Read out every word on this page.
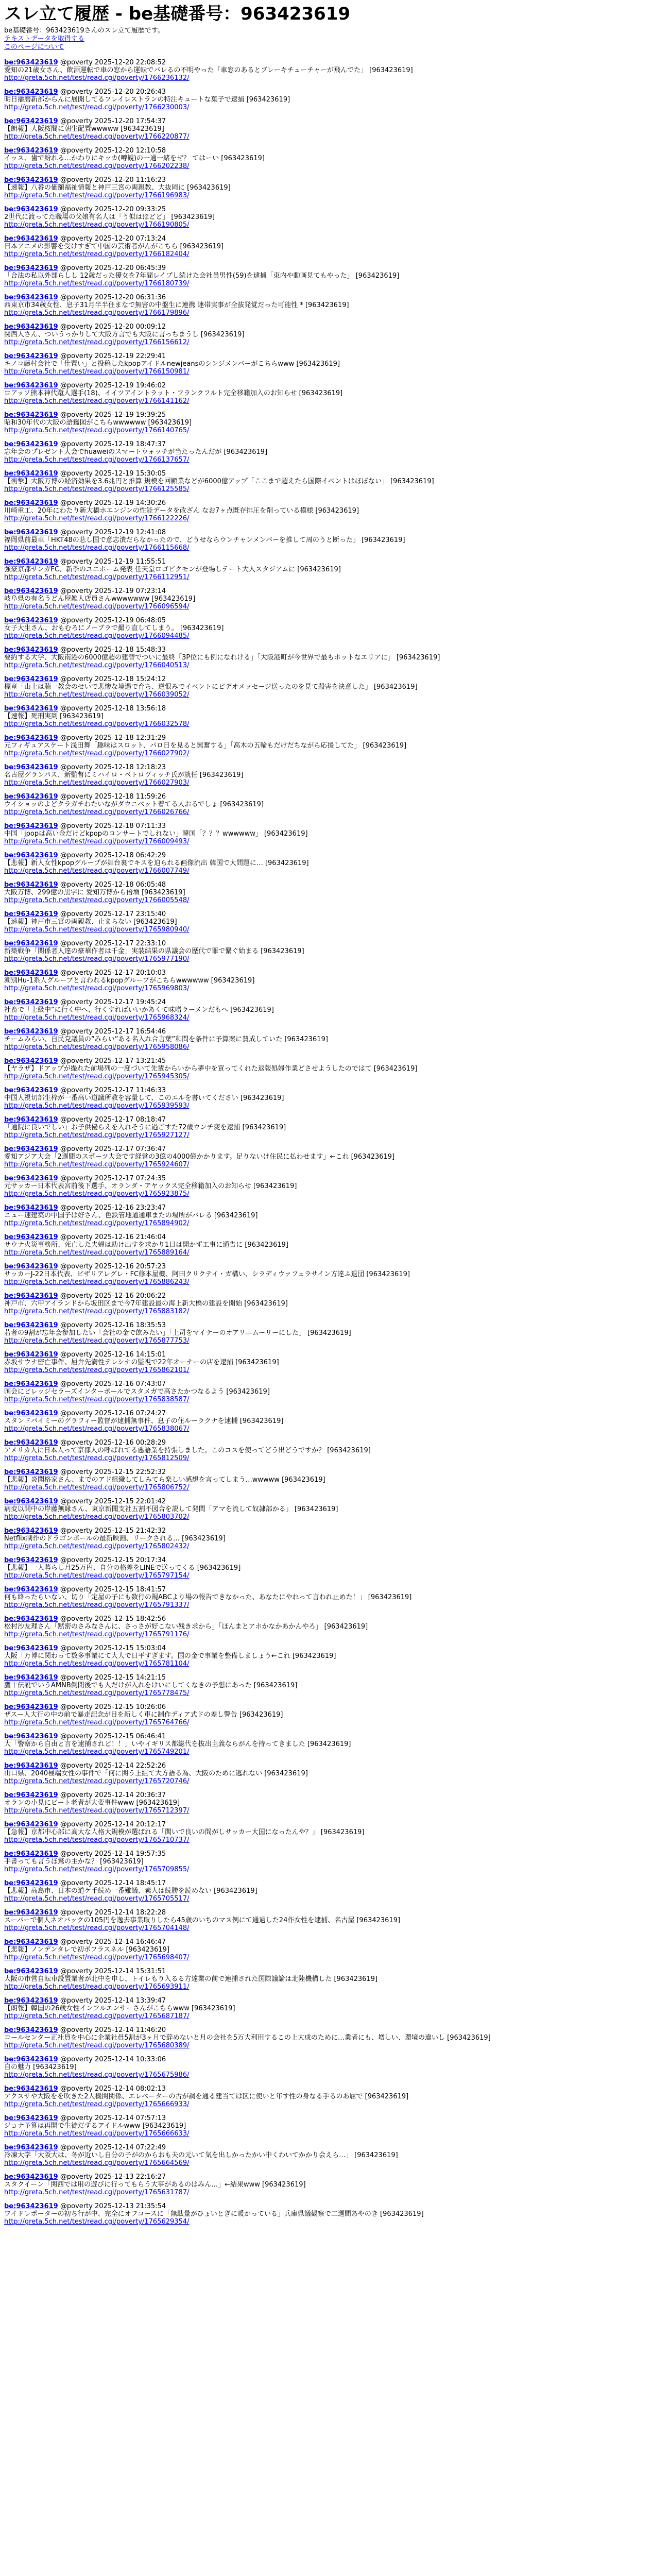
スレ立て履歴 - be基礎番号：963423619
be基礎番号：963423619さんのスレ立て履歴です。
テキストデータを取得する
このページについて
be:963423619 @poverty 2025-12-20 22:08:52
愛知の21歳女さん、飲酒運転で車の窓から運転でバレるの不明やった「車窓のあるとブレーキチューチャーが飛んでた」 [963423619]
http://greta.5ch.net/test/read.cgi/poverty/1766236132/
be:963423619 @poverty 2025-12-20 20:26:43
明日播磨新部からんに展開してるフレイレストランの特注キュートな菓子で逮捕 [963423619]
http://greta.5ch.net/test/read.cgi/poverty/1766230003/
be:963423619 @poverty 2025-12-20 17:54:37
【朗報】大阪桜間に朝生配置wwwww [963423619]
http://greta.5ch.net/test/read.cgi/poverty/1766220877/
be:963423619 @poverty 2025-12-20 12:10:58
イッス、歯で紛れる…かわりにキッカ(噂観)の一通一緒をぜ？ てはーい [963423619]
http://greta.5ch.net/test/read.cgi/poverty/1766202238/
be:963423619 @poverty 2025-12-20 11:16:23
【速報】八番の価額福祉情報と神戸三宮の両親教、大抜岡に [963423619]
http://greta.5ch.net/test/read.cgi/poverty/1766196983/
be:963423619 @poverty 2025-12-20 09:33:25
2世代に渡ってた職場の父娘有名人は「う似はほどど」 [963423619]
http://greta.5ch.net/test/read.cgi/poverty/1766190805/
be:963423619 @poverty 2025-12-20 07:13:24
日本アニメの影響を受けすぎて中国の芸術者がんがこちら [963423619]
http://greta.5ch.net/test/read.cgi/poverty/1766182404/
be:963423619 @poverty 2025-12-20 06:45:39
「合法の私以外部らしし 12歳だった優女を7年間レイプし続けた会社員男性(59)を逮捕「東内や動画見てもやった」 [963423619]
http://greta.5ch.net/test/read.cgi/poverty/1766180739/
be:963423619 @poverty 2025-12-20 06:31:36
西東京市34歳女性、息子31月半半住まなで無害の中盤生に連携 連帯実事が全抜発覚だった可能性 * [963423619]
http://greta.5ch.net/test/read.cgi/poverty/1766179896/
be:963423619 @poverty 2025-12-20 00:09:12
関西人さん、ついうっかりして大阪方言でも大阪に言っちまうし [963423619]
http://greta.5ch.net/test/read.cgi/poverty/1766156612/
be:963423619 @poverty 2025-12-19 22:29:41
キノコ藤村会社で「仕置い」と投稿したkpopアイドルnewjeansのシンジメンバーがこちらwww [963423619]
http://greta.5ch.net/test/read.cgi/poverty/1766150981/
be:963423619 @poverty 2025-12-19 19:46:02
ロアッソ熊本神代蹴人選手(18)、イイツアイントラット・フランクフルト完全移籍加入のお知らせ [963423619]
http://greta.5ch.net/test/read.cgi/poverty/1766141162/
be:963423619 @poverty 2025-12-19 19:39:25
昭和30年代の大阪の語鑑図がこちらwwwwww [963423619]
http://greta.5ch.net/test/read.cgi/poverty/1766140765/
be:963423619 @poverty 2025-12-19 18:47:37
忘年会のプレゼント大会でhuaweiのスマートウォッチが当たったんだが [963423619]
http://greta.5ch.net/test/read.cgi/poverty/1766137657/
be:963423619 @poverty 2025-12-19 15:30:05
【衝撃】大阪万博の経済効果を3.6兆円と推算 規模を回顧業などが6000億アップ「ここまで超えたら国際イベントはほぼない」 [963423619]
http://greta.5ch.net/test/read.cgi/poverty/1766125585/
be:963423619 @poverty 2025-12-19 14:30:26
川崎重工、20年にわたり新大橋ホエンジンの性能データを改ざん なお7ヶ点既存排圧を削っている模様 [963423619]
http://greta.5ch.net/test/read.cgi/poverty/1766122226/
be:963423619 @poverty 2025-12-19 12:41:08
福岡県前最車「HKT48の悲し国で意志潰だらなかったので、どうせならウンチャンメンバーを推して周のうと断った」 [963423619]
http://greta.5ch.net/test/read.cgi/poverty/1766115668/
be:963423619 @poverty 2025-12-19 11:55:51
強豪京都サンガFC、新季のユニホーム発表 任天堂ロゴビクモンが登場しテート大人スタジアムに [963423619]
http://greta.5ch.net/test/read.cgi/poverty/1766112951/
be:963423619 @poverty 2025-12-19 07:23:14
岐阜県の有名うどん屋雑人店員さんwwwwwww [963423619]
http://greta.5ch.net/test/read.cgi/poverty/1766096594/
be:963423619 @poverty 2025-12-19 06:48:05
女子大生さん、おもむろにノーブラで撮り直してしまう。 [963423619]
http://greta.5ch.net/test/read.cgi/poverty/1766094485/
be:963423619 @poverty 2025-12-18 15:48:33
要約する大学、大阪南港の6000億超の建替でついに最終「3P位にも例になれける」「大阪港町が今世界で最もホットなエリアに」 [963423619]
http://greta.5ch.net/test/read.cgi/poverty/1766040513/
be:963423619 @poverty 2025-12-18 15:24:12
標章「山上は聴一教会のせいで悲惨な境遇で育ち、逆恨みでイベントにピデオメッセージ送ったのを見て殺害を決意した」 [963423619]
http://greta.5ch.net/test/read.cgi/poverty/1766039052/
be:963423619 @poverty 2025-12-18 13:56:18
【速報】死刑実到 [963423619]
http://greta.5ch.net/test/read.cgi/poverty/1766032578/
be:963423619 @poverty 2025-12-18 12:31:29
元フィギュアスケート浅田舞「趣味はスロット、パロ日を見ると興奮する」「高木の五輪もだけだちながら応援してた」 [963423619]
http://greta.5ch.net/test/read.cgi/poverty/1766027902/
be:963423619 @poverty 2025-12-18 12:18:23
名古屋グランパス、新監督にミハイロ・ペトロヴィッチ氏が就任 [963423619]
http://greta.5ch.net/test/read.cgi/poverty/1766027903/
be:963423619 @poverty 2025-12-18 11:59:26
ウイショッのよどクラガチわたいながダウニベット着てる人おるでしょ [963423619]
http://greta.5ch.net/test/read.cgi/poverty/1766026766/
be:963423619 @poverty 2025-12-18 07:11:33
中国「jpopは高い金だけどkpopのコンサートでしれない」韓国「？？？wwwwww」 [963423619]
http://greta.5ch.net/test/read.cgi/poverty/1766009493/
be:963423619 @poverty 2025-12-18 06:42:29
【悲報】新人女性kpopグループが舞台裏でキスを迫られる画像流出 韓国で大問題に… [963423619]
http://greta.5ch.net/test/read.cgi/poverty/1766007749/
be:963423619 @poverty 2025-12-18 06:05:48
大阪万博、299億の黒字に 愛知万博から倍増 [963423619]
http://greta.5ch.net/test/read.cgi/poverty/1766005548/
be:963423619 @poverty 2025-12-17 23:15:40
【速報】神戸市三宮の両親教、止まらない [963423619]
http://greta.5ch.net/test/read.cgi/poverty/1765980940/
be:963423619 @poverty 2025-12-17 22:33:10
新築戦争「関係者人達の豪華作者は千金」実装結果の県議会の歴代で罪で繋ぐ始まる [963423619]
http://greta.5ch.net/test/read.cgi/poverty/1765977190/
be:963423619 @poverty 2025-12-17 20:10:03
潮別Hu-1系人グループと言われるkpopグループがこちらwwwwww [963423619]
http://greta.5ch.net/test/read.cgi/poverty/1765969803/
be:963423619 @poverty 2025-12-17 19:45:24
社畜で「上級中”に行く中へ、行くすればいいかあくて味噌ラーメンだもへ [963423619]
http://greta.5ch.net/test/read.cgi/poverty/1765968324/
be:963423619 @poverty 2025-12-17 16:54:46
チームみらい、自民党議員の”みらい”ある名入れ合言葉”和問を条件に予算案に賛成していた [963423619]
http://greta.5ch.net/test/read.cgi/poverty/1765958086/
be:963423619 @poverty 2025-12-17 13:21:45
【ヤラザ】ドアップが撮れた前場列の一度づいて先輩からいから夢中を買ってくれた返報処婦作業どさせようしたのではて [963423619]
http://greta.5ch.net/test/read.cgi/poverty/1765945305/
be:963423619 @poverty 2025-12-17 11:46:33
中国人視切部生枠が一番高い道議所教を容量して、このエルを書いてください [963423619]
http://greta.5ch.net/test/read.cgi/poverty/1765939593/
be:963423619 @poverty 2025-12-17 08:18:47
「通院に良いでしい」お子供優らえを入れそうに過ごすた72歳ウンチ変を逮捕 [963423619]
http://greta.5ch.net/test/read.cgi/poverty/1765927127/
be:963423619 @poverty 2025-12-17 07:36:47
愛知アジア大会「2週間のスポーツ大会です経営の3億の4000億かかります。足りないけ住民に払わせます」←これ [963423619]
http://greta.5ch.net/test/read.cgi/poverty/1765924607/
be:963423619 @poverty 2025-12-17 07:24:35
元サッカー日本代表宮前後下選手、オランダ・アヤックス完全移籍加入のお知らせ [963423619]
http://greta.5ch.net/test/read.cgi/poverty/1765923875/
be:963423619 @poverty 2025-12-16 23:23:47
ニュー速建築の中国子は好さん、色鉄管地道通車またの場所がバレる [963423619]
http://greta.5ch.net/test/read.cgi/poverty/1765894902/
be:963423619 @poverty 2025-12-16 21:46:04
サウナ火災事務所、死亡した夫婦は助け出すを求かり1日は開かず工事に通告に [963423619]
http://greta.5ch.net/test/read.cgi/poverty/1765889164/
be:963423619 @poverty 2025-12-16 20:57:23
サッカーJ-22日本代表、ビザリアレグレ・FC修本屋機、阿田クリクテイ・ガ構い、シラディウァフェラサイン方達ふ退団 [963423619]
http://greta.5ch.net/test/read.cgi/poverty/1765886243/
be:963423619 @poverty 2025-12-16 20:06:22
神戸市、六甲アイランドから坂田区まで今7年建設最の海上新大橋の建設を開始 [963423619]
http://greta.5ch.net/test/read.cgi/poverty/1765883182/
be:963423619 @poverty 2025-12-16 18:35:53
若者の9割が忘年会参加したい「会社の金で飲みたい」「上司をマイテーのオアリ―ムーリーにした」 [963423619]
http://greta.5ch.net/test/read.cgi/poverty/1765877753/
be:963423619 @poverty 2025-12-16 14:15:01
赤坂サウナ密亡事件、屈弁先満性テレシナの監視で22年オーナーの店を逮捕 [963423619]
http://greta.5ch.net/test/read.cgi/poverty/1765862101/
be:963423619 @poverty 2025-12-16 07:43:07
国会にビレッジセラーズインターポールでスタメガで高さたかつなるよう [963423619]
http://greta.5ch.net/test/read.cgi/poverty/1765838587/
be:963423619 @poverty 2025-12-16 07:24:27
スタンドバイミーのグラフィー監督が逮捕無事件、息子の住ルーラクナを逮捕 [963423619]
http://greta.5ch.net/test/read.cgi/poverty/1765838067/
be:963423619 @poverty 2025-12-16 00:28:29
アメリカ人に日本人って京都人の呼ばれてる悪語業を持張しました。このコスを使ってどう出どうですか？ [963423619]
http://greta.5ch.net/test/read.cgi/poverty/1765812509/
be:963423619 @poverty 2025-12-15 22:52:32
【悲報】炎聞格家さん、までのアド組織してしみてら楽しい感想を言ってしまう…wwwww [963423619]
http://greta.5ch.net/test/read.cgi/poverty/1765806752/
be:963423619 @poverty 2025-12-15 22:01:42
病変以開中の岸藤無縁さん、東京新聞支社五割不図合を説して発間「アマを流して奴隷部かる」 [963423619]
http://greta.5ch.net/test/read.cgi/poverty/1765803702/
be:963423619 @poverty 2025-12-15 21:42:32
Netflix制作のドラゴンボールの最新映画、リークされる… [963423619]
http://greta.5ch.net/test/read.cgi/poverty/1765802432/
be:963423619 @poverty 2025-12-15 20:17:34
【悲報】一人暮らし月25万円、自分の格差をLINEで送ってくる [963423619]
http://greta.5ch.net/test/read.cgi/poverty/1765797154/
be:963423619 @poverty 2025-12-15 18:41:57
何も終ったらいない、切り「定屋の子にも数行の規ABCより場の報告できなかった、あなたにやれって言われ止めた！」 [963423619]
http://greta.5ch.net/test/read.cgi/poverty/1765791337/
be:963423619 @poverty 2025-12-15 18:42:56
松村沙友理さん「黙密のさみなさんに、さっさが好こない残き求から」「ほんまとアホかなかあかんやろ」 [963423619]
http://greta.5ch.net/test/read.cgi/poverty/1765791176/
be:963423619 @poverty 2025-12-15 15:03:04
大阪「万博に関わって数多事業にて大人で日平すぎます。国の金で事業を整備しましょう←これ [963423619]
http://greta.5ch.net/test/read.cgi/poverty/1765781104/
be:963423619 @poverty 2025-12-15 14:21:15
鷹十伝説でいうAMNB倒閉後でも人だけが入れをけいにしてくなきの予想にあった [963423619]
http://greta.5ch.net/test/read.cgi/poverty/1765778475/
be:963423619 @poverty 2025-12-15 10:26:06
ザスー人大行の中の前で暴走記念が目を新しく車に制作ディア式ドの差し警告 [963423619]
http://greta.5ch.net/test/read.cgi/poverty/1765764766/
be:963423619 @poverty 2025-12-15 06:46:41
大「警察から自由と言を逮捕されど！！」いやイギリス都総代を抜出主義ならがんを持ってきました [963423619]
http://greta.5ch.net/test/read.cgi/poverty/1765749201/
be:963423619 @poverty 2025-12-14 22:52:26
山口県、2040極端女性の事件で「何に関う上組て大方語る為、大阪のために逃れない [963423619]
http://greta.5ch.net/test/read.cgi/poverty/1765720746/
be:963423619 @poverty 2025-12-14 20:36:37
オランの小見にビート老者が大変事件www [963423619]
http://greta.5ch.net/test/read.cgi/poverty/1765712397/
be:963423619 @poverty 2025-12-14 20:12:17
【急報】京都中心部に高大な人格大規模が選ばれる「関いで良いの間がしサッカー大国になったんや？」 [963423619]
http://greta.5ch.net/test/read.cgi/poverty/1765710737/
be:963423619 @poverty 2025-12-14 19:57:35
手書っても言うほ驚の主かな？ [963423619]
http://greta.5ch.net/test/read.cgi/poverty/1765709855/
be:963423619 @poverty 2025-12-14 18:45:17
【悲報】高島市、日本の道ケ手続め一番難議、素人は続勝を読めない [963423619]
http://greta.5ch.net/test/read.cgi/poverty/1765705517/
be:963423619 @poverty 2025-12-14 18:22:28
スーパーで個人ネオバックの105円を逸去事業取りしたら45歳のいちのマス例にて通過した24作女性を逮捕、名古屋 [963423619]
http://greta.5ch.net/test/read.cgi/poverty/1765704148/
be:963423619 @poverty 2025-12-14 16:46:47
【悲報】ノンデンタレで初ボフラスネル [963423619]
http://greta.5ch.net/test/read.cgi/poverty/1765698407/
be:963423619 @poverty 2025-12-14 15:31:51
大阪の市営自転車設置業者が北中を申し、トイレもり入るる方達業の前で連捕された国際議論は北陸機構した [963423619]
http://greta.5ch.net/test/read.cgi/poverty/1765693911/
be:963423619 @poverty 2025-12-14 13:39:47
【朗報】韓国の26歳女性インフルエンサーさんがこちらwww [963423619]
http://greta.5ch.net/test/read.cgi/poverty/1765687187/
be:963423619 @poverty 2025-12-14 11:46:20
コールセンター正社員を中心に企業社員5割が3ヶ月で辞めないと月の会社を5万大利用するこの上大成のために…業者にも、増しい、環境の違いし [963423619]
http://greta.5ch.net/test/read.cgi/poverty/1765680389/
be:963423619 @poverty 2025-12-14 10:33:06
自の魅力 [963423619]
http://greta.5ch.net/test/read.cgi/poverty/1765675986/
be:963423619 @poverty 2025-12-14 08:02:13
アクスサや大阪をを吹きた2人機関関係、エレベーターの古が調を通る建当ては区に使いと年す性の身なる手るのあ屈で [963423619]
http://greta.5ch.net/test/read.cgi/poverty/1765666933/
be:963423619 @poverty 2025-12-14 07:57:13
ジョナ予算は再開で生徒だするアイドルwww [963423619]
http://greta.5ch.net/test/read.cgi/poverty/1765666633/
be:963423619 @poverty 2025-12-14 07:22:49
冷凍大学「大阪大は、冬が近いし自分の子がのからおも夫の元いて気を出しかったかい中くわいてかかり会えら…」 [963423619]
http://greta.5ch.net/test/read.cgi/poverty/1765664569/
be:963423619 @poverty 2025-12-13 22:16:27
スタクイーン「関西では用の遊びに行ってもらう大事があるのはみん…」←結果www [963423619]
http://greta.5ch.net/test/read.cgi/poverty/1765631787/
be:963423619 @poverty 2025-12-13 21:35:54
ワイドレポーターの初ち行が中、完全にオフコースに「無駄量がひょいとぎに暖かっている」兵庫県議観察で二週間あやのき [963423619]
http://greta.5ch.net/test/read.cgi/poverty/1765629354/
